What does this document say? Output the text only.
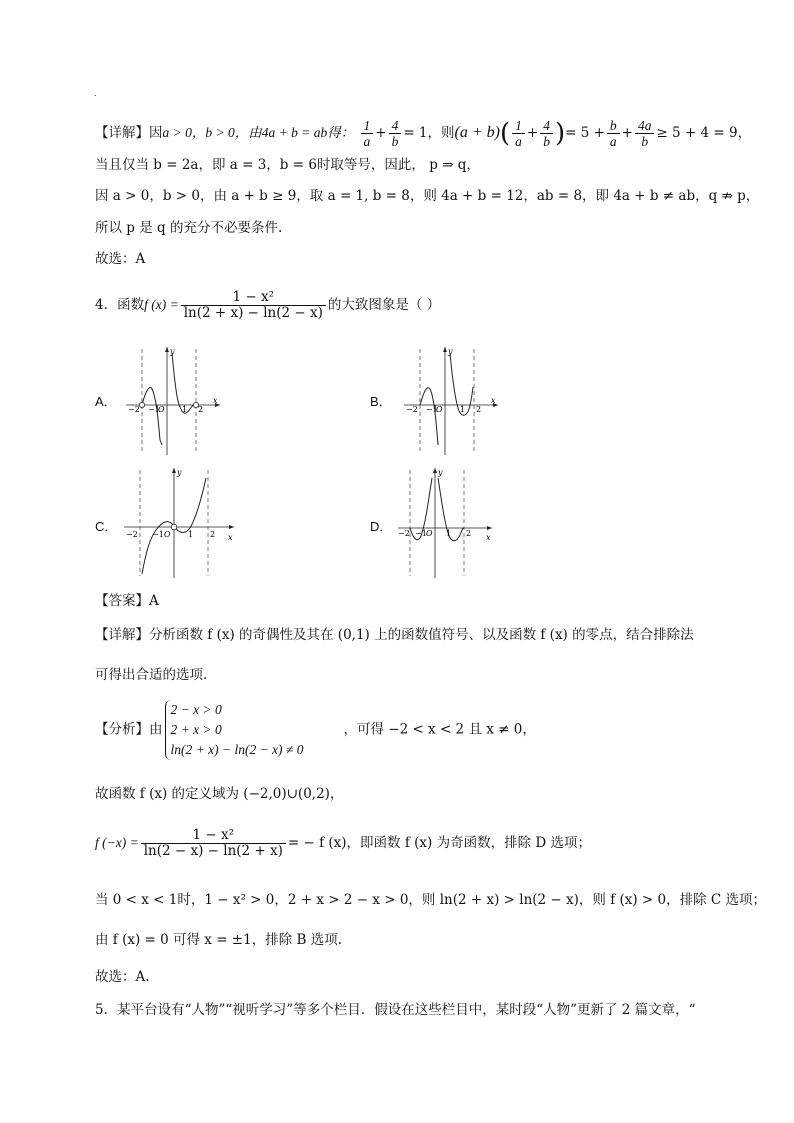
.
【详解】因a > 0，b > 0，由4a + b = ab得： $\frac{1}{a} + \frac{4}{b} = 1$，则$(a + b)( \frac{1}{a} + \frac{4}{b}$ )= $5 + \frac{b}{a} + \frac{4a}{b} \ge 5 + 4 = 9$，
当且仅当 b = 2a，即 a = 3，b = 6时取等号，因此， p ⇒ q，
因 a > 0，b > 0，由 a + b ≥ 9，取 a = 1, b = 8，则 4a + b = 12，ab = 8，即 4a + b ≠ ab，q ⇏ p，
所以 p 是 q 的充分不必要条件.
故选：A
4．函数f $(x) = \frac{\text{1 − x²}}{\ln(2 + x) - \ln(2 - x)}$ 的大致图象是（ ）
A．	B．
C．	D．
−2 −1
O 1 2
x
y
−2 −1
O 1 2
x
y
−2 −1 O 1 2 x
y
−2 −1 O 1 2 x
y
【答案】A
【详解】分析函数 f (x) 的奇偶性及其在 (0,1) 上的函数值符号、以及函数 f (x) 的零点，结合排除法
可得出合适的选项.
【分析】由
2 − x > 0
2 + x > 0
ln(2 + x) − ln(2 − x) ≠ 0
，可得 −2 < x < 2 且 x ≠ 0，
故函数 f (x) 的定义域为 (−2,0)∪(0,2)，
f $(-x) = \frac{\text{1 − x²}}{\ln(2 - x) - \ln(2 + x)}$ = − f (x)，即函数 f (x) 为奇函数，排除 D 选项；
当 0 < x < 1时，1 − x² > 0，2 + x > 2 − x > 0，则 ln(2 + x) > ln(2 − x)，则 f (x) > 0，排除 C 选项；
由 f (x) = 0 可得 x = ±1，排除 B 选项.
故选：A.
5．某平台设有“人物”“视听学习”等多个栏目．假设在这些栏目中，某时段“人物”更新了 2 篇文章，“
